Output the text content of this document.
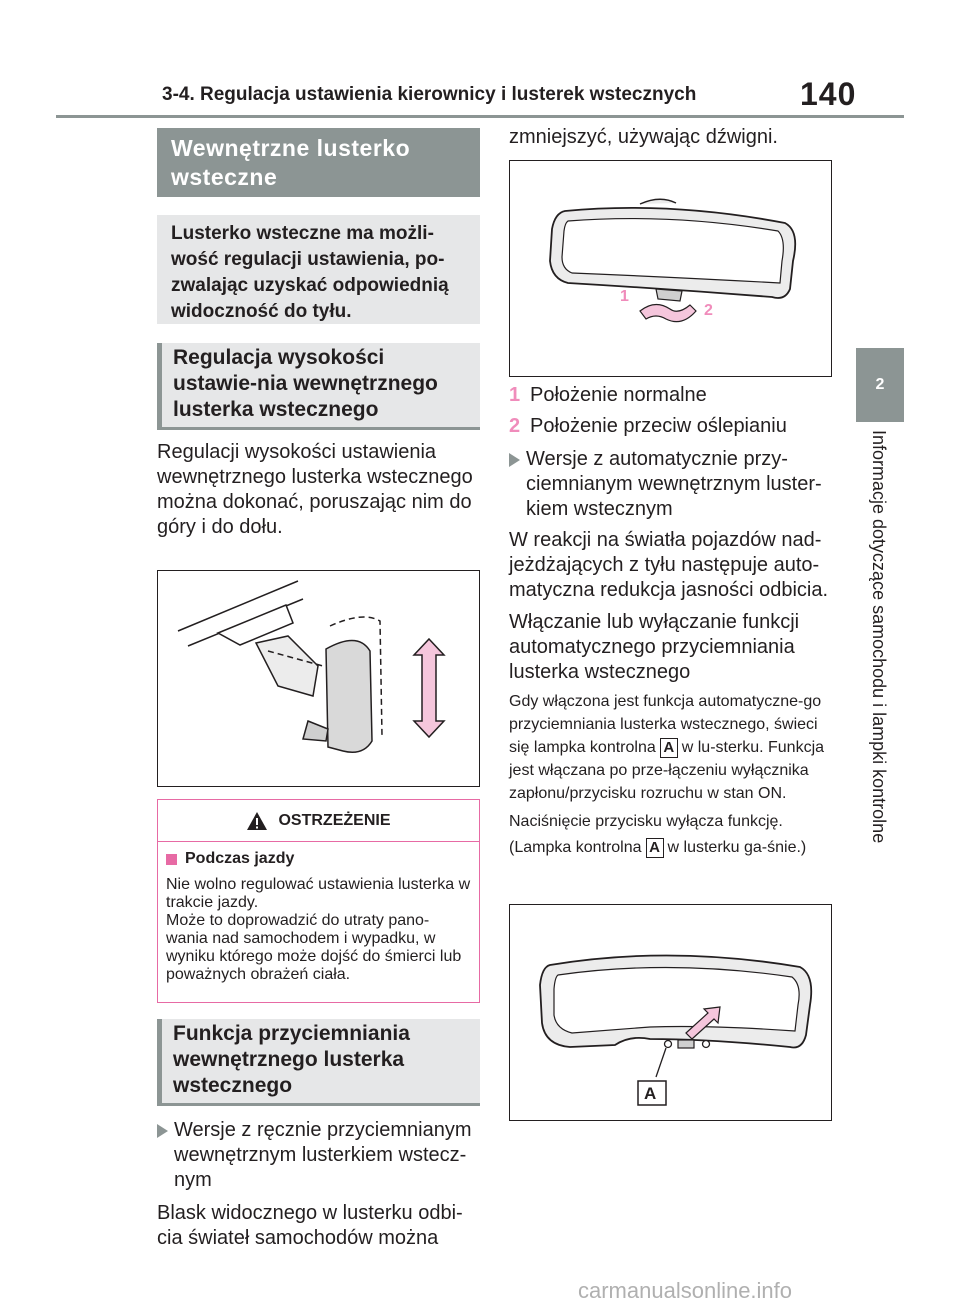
3-4. Regulacja ustawienia kierownicy i lusterek wstecznych	140
2
Informacje dotyczące samochodu i lampki kontrolne
Wewnętrzne lusterko wsteczne
Lusterko wsteczne ma możli-wość regulacji ustawienia, po-zwalając uzyskać odpowiednią widoczność do tyłu.
Regulacja wysokości ustawie-nia wewnętrznego lusterka wstecznego
Regulacji wysokości ustawienia wewnętrznego lusterka wstecznego można dokonać, poruszając nim do góry i do dołu.
OSTRZEŻENIE
Podczas jazdy
Nie wolno regulować ustawienia lusterka w trakcie jazdy.
Może to doprowadzić do utraty pano-wania nad samochodem i wypadku, w wyniku którego może dojść do śmierci lub poważnych obrażeń ciała.
Funkcja przyciemniania wewnętrznego lusterka wstecznego
Wersje z ręcznie przyciemnianym wewnętrznym lusterkiem wstecz-nym
Blask widocznego w lusterku odbi-cia świateł samochodów można
zmniejszyć, używając dźwigni.
1
2
1 Położenie normalne
2 Położenie przeciw oślepianiu
Wersje z automatycznie przy-ciemnianym wewnętrznym luster-kiem wstecznym
W reakcji na światła pojazdów nad-jeżdżających z tyłu następuje auto-matyczna redukcja jasności odbicia.
Włączanie lub wyłączanie funkcji automatycznego przyciemniania lusterka wstecznego
Gdy włączona jest funkcja automatyczne-go przyciemniania lusterka wstecznego, świeci się lampka kontrolna A w lu-sterku. Funkcja jest włączana po prze-łączeniu wyłącznika zapłonu/przycisku rozruchu w stan ON.
Naciśnięcie przycisku wyłącza funkcję.
(Lampka kontrolna A w lusterku ga-śnie.)
A
carmanualsonline.info
